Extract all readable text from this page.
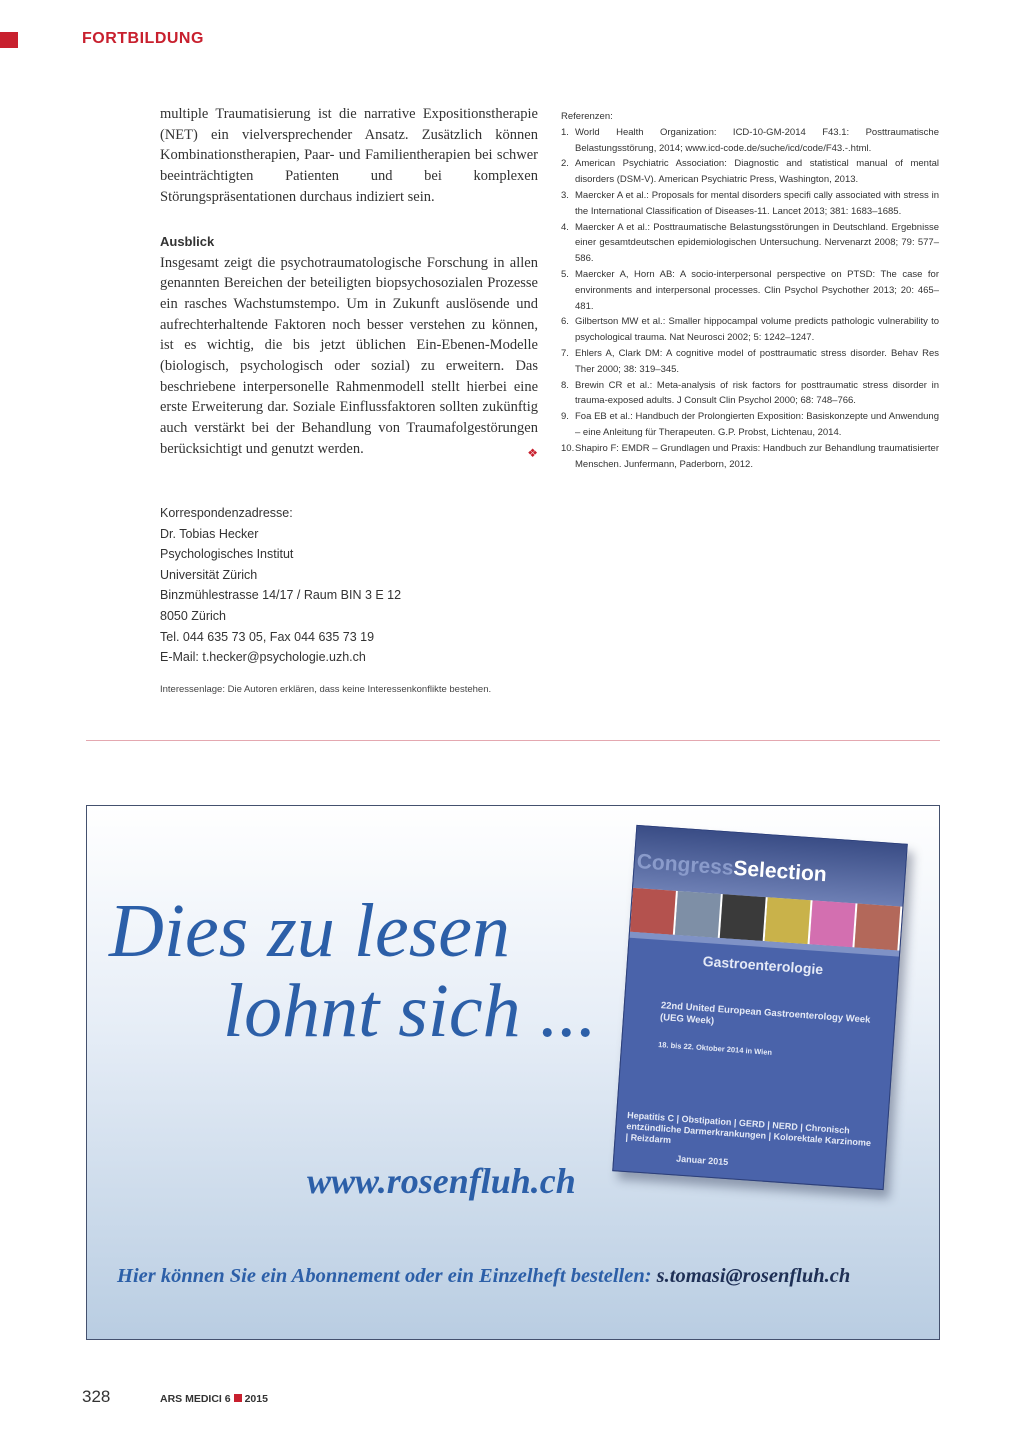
FORTBILDUNG

multiple Traumatisierung ist die narrative Expositionstherapie (NET) ein vielversprechender Ansatz. Zusätzlich können Kombinationstherapien, Paar- und Familientherapien bei schwer beeinträchtigten Patienten und bei komplexen Störungspräsentationen durchaus indiziert sein.

Ausblick

Insgesamt zeigt die psychotraumatologische Forschung in allen genannten Bereichen der beteiligten biopsychosozialen Prozesse ein rasches Wachstumstempo. Um in Zukunft auslösende und aufrechterhaltende Faktoren noch besser verstehen zu können, ist es wichtig, die bis jetzt üblichen Ein-Ebenen-Modelle (biologisch, psychologisch oder sozial) zu erweitern. Das beschriebene interpersonelle Rahmenmodell stellt hierbei eine erste Erweiterung dar. Soziale Einflussfaktoren sollten zukünftig auch verstärkt bei der Behandlung von Traumafolgestörungen berücksichtigt und genutzt werden.	❖

Korrespondenzadresse:
Dr. Tobias Hecker
Psychologisches Institut
Universität Zürich
Binzmühlestrasse 14/17 / Raum BIN 3 E 12
8050 Zürich
Tel. 044 635 73 05, Fax 044 635 73 19
E-Mail: t.hecker@psychologie.uzh.ch
Interessenlage: Die Autoren erklären, dass keine Interessenkonflikte bestehen.
Referenzen:
1. World Health Organization: ICD-10-GM-2014 F43.1: Posttraumatische Belastungsstörung, 2014; www.icd-code.de/suche/icd/code/F43.-.html.
2. American Psychiatric Association: Diagnostic and statistical manual of mental disorders (DSM-V). American Psychiatric Press, Washington, 2013.
3. Maercker A et al.: Proposals for mental disorders specifi cally associated with stress in the International Classification of Diseases-11. Lancet 2013; 381: 1683–1685.
4. Maercker A et al.: Posttraumatische Belastungsstörungen in Deutschland. Ergebnisse einer gesamtdeutschen epidemiologischen Untersuchung. Nervenarzt 2008; 79: 577–586.
5. Maercker A, Horn AB: A socio-interpersonal perspective on PTSD: The case for environments and interpersonal processes. Clin Psychol Psychother 2013; 20: 465–481.
6. Gilbertson MW et al.: Smaller hippocampal volume predicts pathologic vulnerability to psychological trauma. Nat Neurosci 2002; 5: 1242–1247.
7. Ehlers A, Clark DM: A cognitive model of posttraumatic stress disorder. Behav Res Ther 2000; 38: 319–345.
8. Brewin CR et al.: Meta-analysis of risk factors for posttraumatic stress disorder in trauma-exposed adults. J Consult Clin Psychol 2000; 68: 748–766.
9. Foa EB et al.: Handbuch der Prolongierten Exposition: Basiskonzepte und Anwendung – eine Anleitung für Therapeuten. G.P. Probst, Lichtenau, 2014.
10. Shapiro F: EMDR – Grundlagen und Praxis: Handbuch zur Behandlung traumatisierter Menschen. Junfermann, Paderborn, 2012.
Dies zu lesen
lohnt sich ...
CongressSelection
Gastroenterologie
22nd United European Gastroenterology Week (UEG Week)
18. bis 22. Oktober 2014 in Wien
Hepatitis C | Obstipation | GERD | NERD | Chronisch entzündliche Darmerkrankungen | Kolorektale Karzinome | Reizdarm
Januar 2015
www.rosenfluh.ch
Hier können Sie ein Abonnement oder ein Einzelheft bestellen: s.tomasi@rosenfluh.ch
328	ARS MEDICI 6 2015
